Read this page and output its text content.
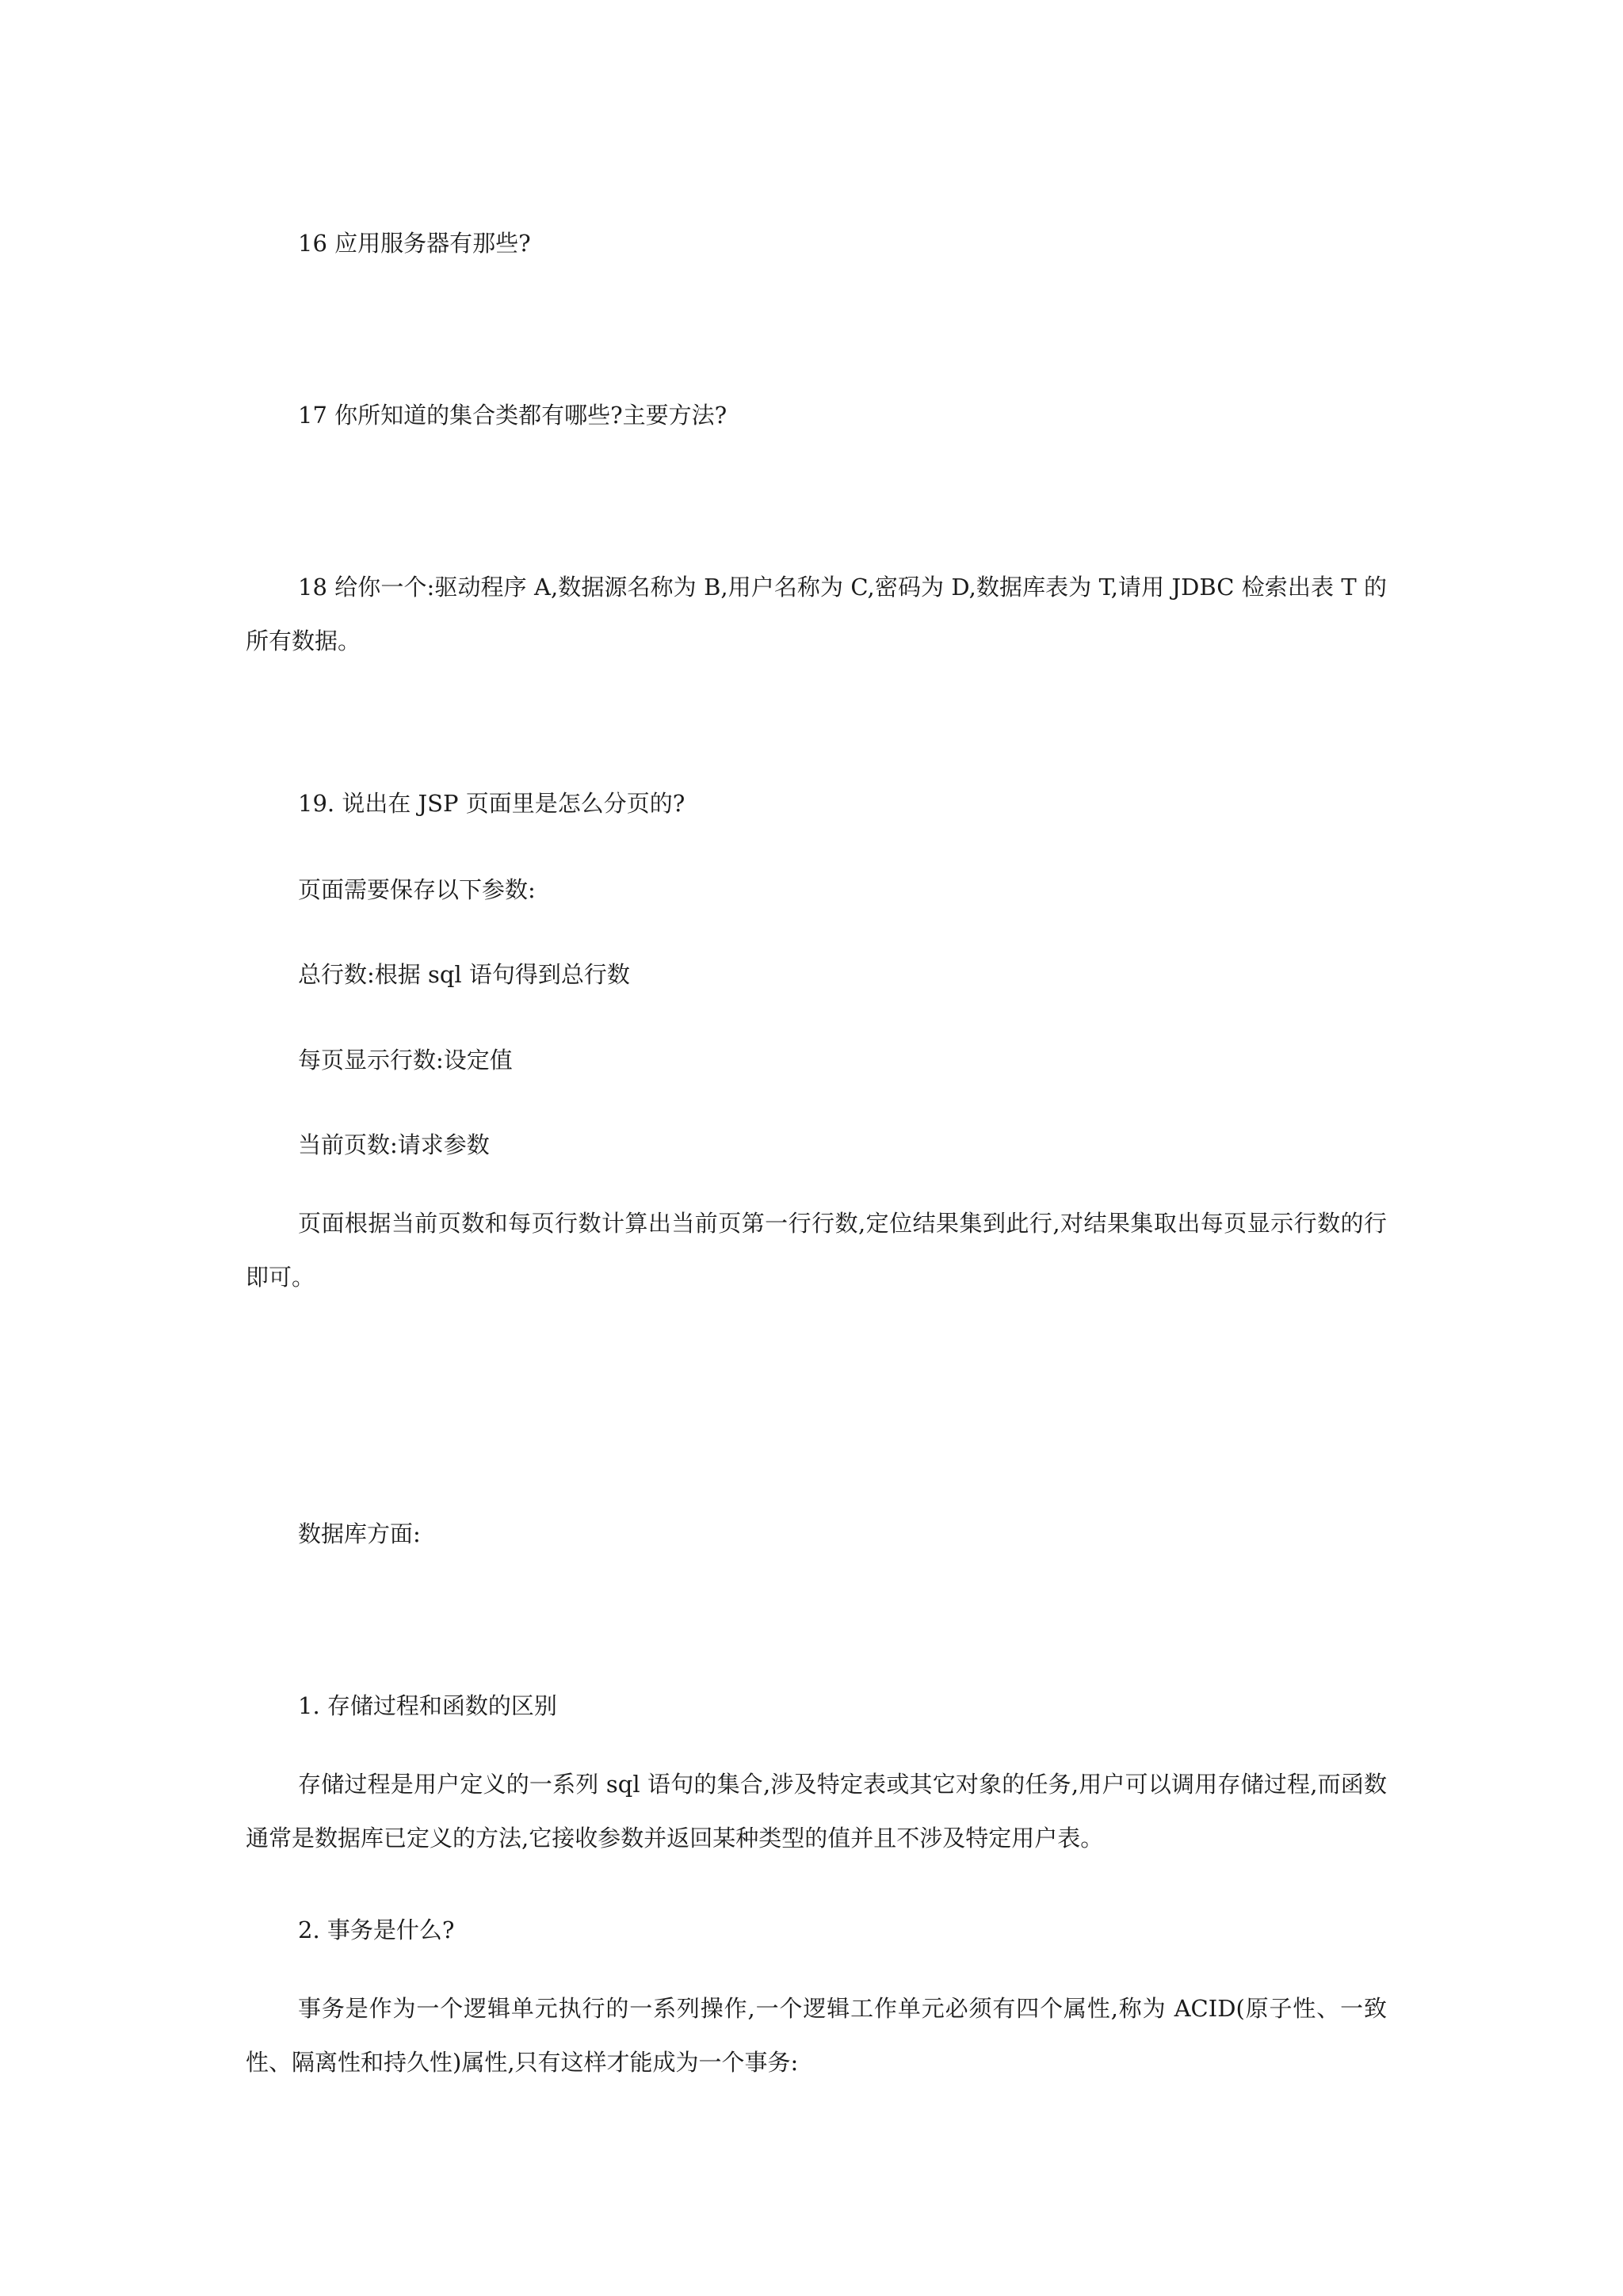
16 应用服务器有那些?

17 你所知道的集合类都有哪些?主要方法?

18 给你一个:驱动程序 A,数据源名称为 B,用户名称为 C,密码为 D,数据库表为 T,请用 JDBC 检索出表 T 的所有数据。

19. 说出在 JSP 页面里是怎么分页的?

页面需要保存以下参数:

总行数:根据 sql 语句得到总行数

每页显示行数:设定值

当前页数:请求参数

页面根据当前页数和每页行数计算出当前页第一行行数,定位结果集到此行,对结果集取出每页显示行数的行即可。

数据库方面:

1. 存储过程和函数的区别

存储过程是用户定义的一系列 sql 语句的集合,涉及特定表或其它对象的任务,用户可以调用存储过程,而函数通常是数据库已定义的方法,它接收参数并返回某种类型的值并且不涉及特定用户表。

2. 事务是什么?

事务是作为一个逻辑单元执行的一系列操作,一个逻辑工作单元必须有四个属性,称为 ACID(原子性、一致性、隔离性和持久性)属性,只有这样才能成为一个事务:
